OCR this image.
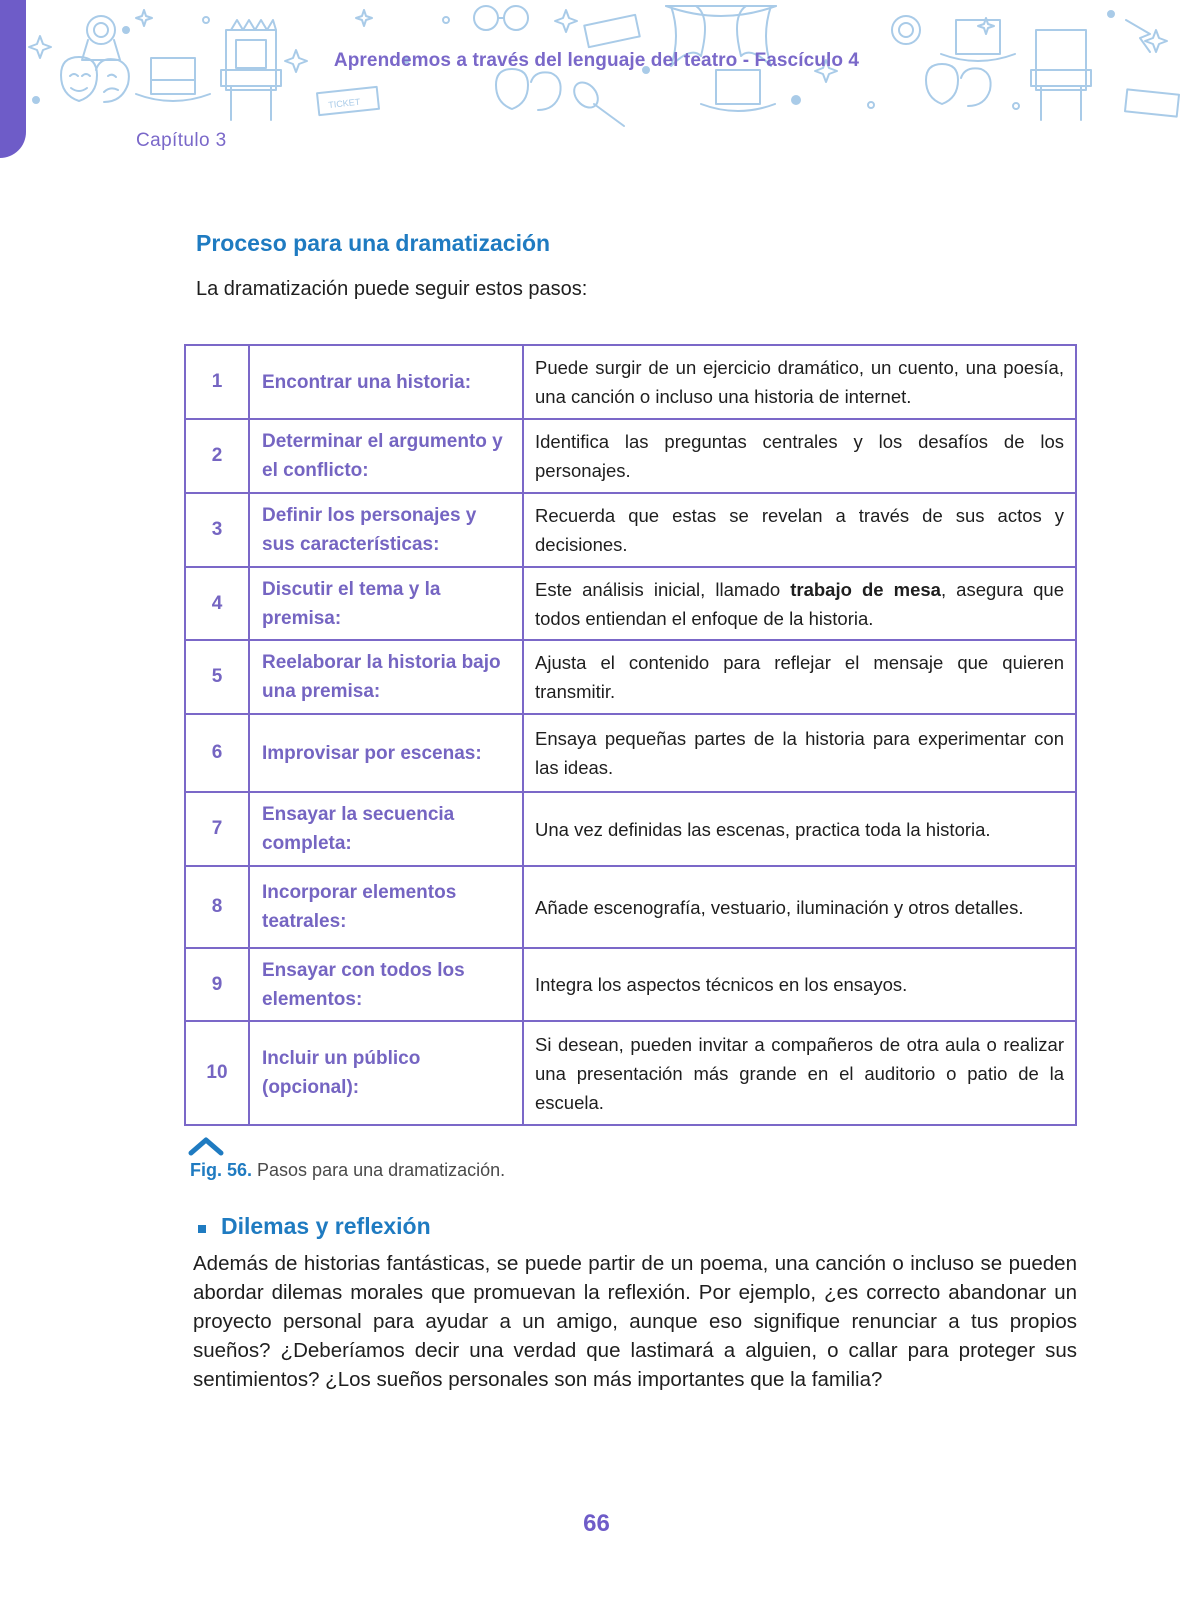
TICKET
Aprendemos a través del lenguaje del teatro - Fascículo 4
Capítulo 3
Proceso para una dramatización
La dramatización puede seguir estos pasos:
1	Encontrar una historia:	Puede surgir de un ejercicio dramático, un cuento, una poesía, una canción o incluso una historia de internet.
2	Determinar el argumento y el conflicto:	Identifica las preguntas centrales y los desafíos de los personajes.
3	Definir los personajes y sus características:	Recuerda que estas se revelan a través de sus actos y decisiones.
4	Discutir el tema y la premisa:	Este análisis inicial, llamado trabajo de mesa, asegura que todos entiendan el enfoque de la historia.
5	Reelaborar la historia bajo una premisa:	Ajusta el contenido para reflejar el mensaje que quieren transmitir.
6	Improvisar por escenas:	Ensaya pequeñas partes de la historia para experimentar con las ideas.
7	Ensayar la secuencia completa:	Una vez definidas las escenas, practica toda la historia.
8	Incorporar elementos teatrales:	Añade escenografía, vestuario, iluminación y otros detalles.
9	Ensayar con todos los elementos:	Integra los aspectos técnicos en los ensayos.
10	Incluir un público (opcional):	Si desean, pueden invitar a compañeros de otra aula o realizar una presentación más grande en el auditorio o patio de la escuela.
Fig. 56. Pasos para una dramatización.
Dilemas y reflexión
Además de historias fantásticas, se puede partir de un poema, una canción o incluso se pueden abordar dilemas morales que promuevan la reflexión. Por ejemplo, ¿es correcto abandonar un proyecto personal para ayudar a un amigo, aunque eso signifique renunciar a tus propios sueños? ¿Deberíamos decir una verdad que lastimará a alguien, o callar para proteger sus sentimientos? ¿Los sueños personales son más importantes que la familia?
66
